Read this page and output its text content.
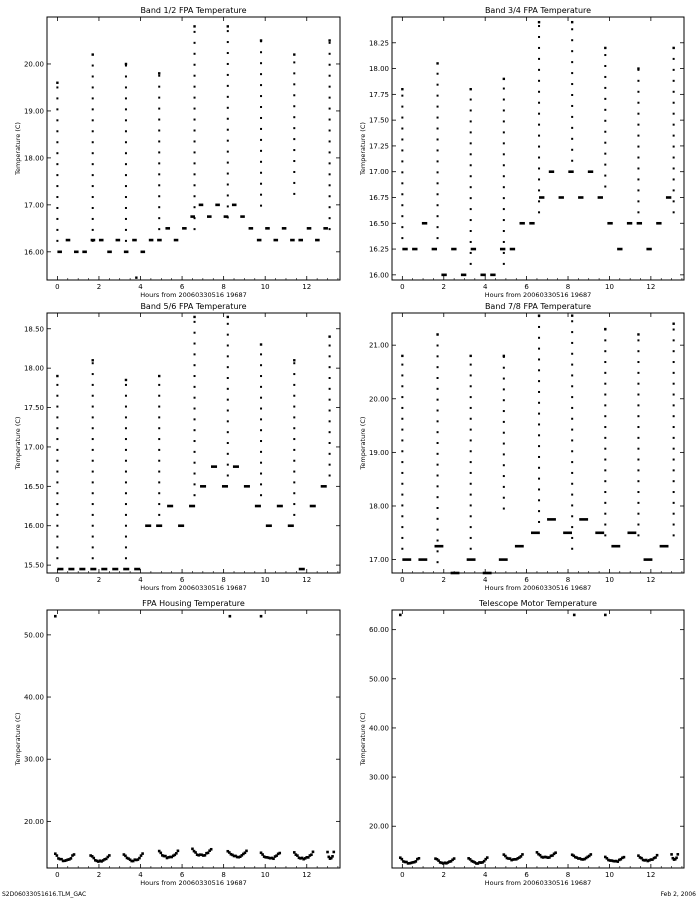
Band 1/2 FPA Temperature
Hours from 20060330516 19687
Temperature (C)
0	2	4	6	8	10	12
16.00
17.00
18.00
19.00
20.00
Band 3/4 FPA Temperature
Hours from 20060330516 19687
Temperature (C)
0	2	4	6	8	10	12
16.00
16.25
16.50
16.75
17.00
17.25
17.50
17.75
18.00
18.25
Band 5/6 FPA Temperature
Hours from 20060330516 19687
Temperature (C)
0	2	4	6	8	10	12
15.50
16.00
16.50
17.00
17.50
18.00
18.50
Band 7/8 FPA Temperature
Hours from 20060330516 19687
Temperature (C)
0	2	4	6	8	10	12
17.00
18.00
19.00
20.00
21.00
FPA Housing Temperature
Hours from 20060330516 19687
Temperature (C)
0	2	4	6	8	10	12
20.00
30.00
40.00
50.00
Telescope Motor Temperature
Hours from 20060330516 19687
Temperature (C)
0	2	4	6	8	10	12
20.00
30.00
40.00
50.00
60.00
S2D06033051616.TLM_GAC	Feb 2, 2006
